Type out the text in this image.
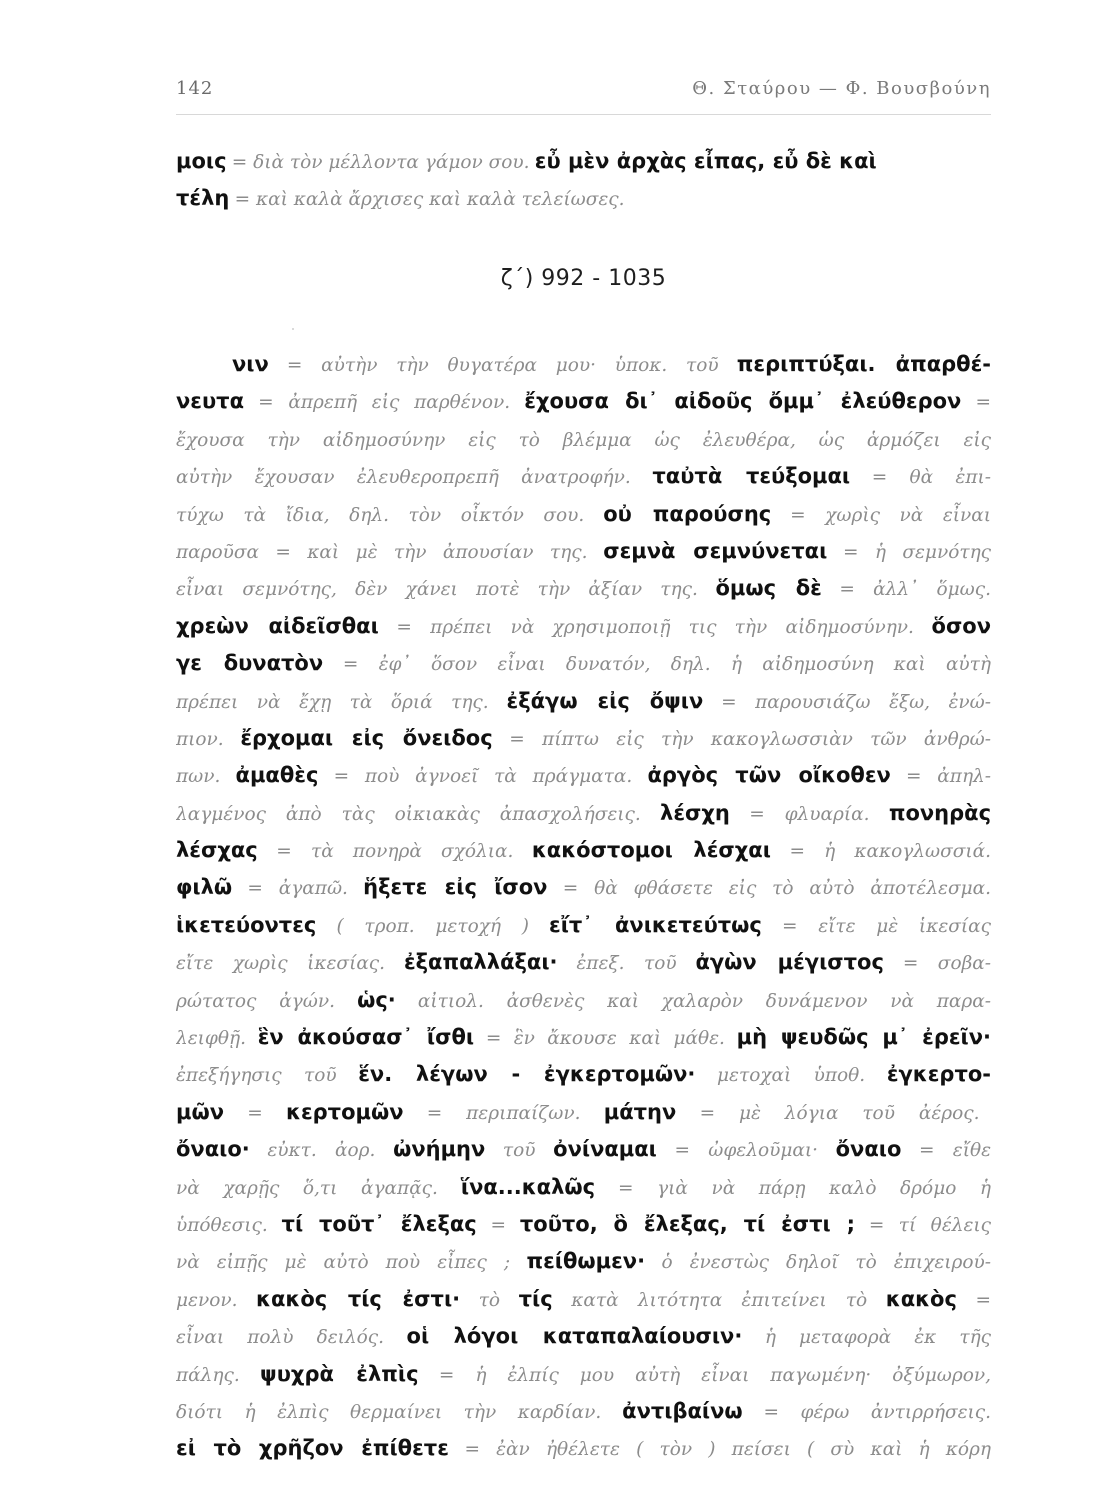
142	Θ. Σταύρου — Φ. Βουσβούνη
μοις = διὰ τὸν μέλλοντα γάμον σου. εὖ μὲν ἀρχὰς εἶπας, εὖ δὲ καὶ
τέλη = καὶ καλὰ ἄρχισες καὶ καλὰ τελείωσες.
ζ΄) 992 - 1035
νιν = αὐτὴν τὴν θυγατέρα μου· ὑποκ. τοῦ περιπτύξαι. ἀπαρθέ-
νευτα = ἀπρεπῆ εἰς παρθένον. ἔχουσα δι᾿ αἰδοῦς ὄμμ᾿ ἐλεύθερον =
ἔχουσα τὴν αἰδημοσύνην εἰς τὸ βλέμμα ὡς ἐλευθέρα, ὡς ἁρμόζει εἰς
αὐτὴν ἔχουσαν ἐλευθεροπρεπῆ ἀνατροφήν. ταὐτὰ τεύξομαι = θὰ ἐπι-
τύχω τὰ ἴδια, δηλ. τὸν οἶκτόν σου. οὐ παρούσης = χωρὶς νὰ εἶναι
παροῦσα = καὶ μὲ τὴν ἀπουσίαν της. σεμνὰ σεμνύνεται = ἡ σεμνότης
εἶναι σεμνότης, δὲν χάνει ποτὲ τὴν ἀξίαν της. ὅμως δὲ = ἀλλ᾿ ὅμως.
χρεὼν αἰδεῖσθαι = πρέπει νὰ χρησιμοποιῇ τις τὴν αἰδημοσύνην. ὅσον
γε δυνατὸν = ἐφ᾿ ὅσον εἶναι δυνατόν, δηλ. ἡ αἰδημοσύνη καὶ αὐτὴ
πρέπει νὰ ἔχῃ τὰ ὅριά της. ἐξάγω εἰς ὄψιν = παρουσιάζω ἔξω, ἐνώ-
πιον. ἔρχομαι εἰς ὄνειδος = πίπτω εἰς τὴν κακογλωσσιὰν τῶν ἀνθρώ-
πων. ἀμαθὲς = ποὺ ἀγνοεῖ τὰ πράγματα. ἀργὸς τῶν οἴκοθεν = ἀπηλ-
λαγμένος ἀπὸ τὰς οἰκιακὰς ἀπασχολήσεις. λέσχη = φλυαρία. πονηρὰς
λέσχας = τὰ πονηρὰ σχόλια. κακόστομοι λέσχαι = ἡ κακογλωσσιά.
φιλῶ = ἀγαπῶ. ἥξετε εἰς ἴσον = θὰ φθάσετε εἰς τὸ αὐτὸ ἀποτέλεσμα.
ἱκετεύοντες ( τροπ. μετοχή ) εἴτ᾿ ἀνικετεύτως = εἴτε μὲ ἱκεσίας
εἴτε χωρὶς ἱκεσίας. ἐξαπαλλάξαι· ἐπεξ. τοῦ ἀγὼν μέγιστος = σοβα-
ρώτατος ἀγών. ὡς· αἰτιολ. ἀσθενὲς καὶ χαλαρὸν δυνάμενον νὰ παρα-
λειφθῇ. ἓν ἀκούσασ᾿ ἴσθι = ἓν ἄκουσε καὶ μάθε. μὴ ψευδῶς μ᾿ ἐρεῖν·
ἐπεξήγησις τοῦ ἕν. λέγων - ἐγκερτομῶν· μετοχαὶ ὑποθ. ἐγκερτο-
μῶν = κερτομῶν = περιπαίζων. μάτην = μὲ λόγια τοῦ ἀέρος.
ὄναιο· εὐκτ. ἀορ. ὠνήμην τοῦ ὀνίναμαι = ὠφελοῦμαι· ὄναιο = εἴθε
νὰ χαρῇς ὅ,τι ἀγαπᾷς. ἵνα...καλῶς = γιὰ νὰ πάρῃ καλὸ δρόμο ἡ
ὑπόθεσις. τί τοῦτ᾿ ἔλεξας = τοῦτο, ὃ ἔλεξας, τί ἐστι ; = τί θέλεις
νὰ εἰπῇς μὲ αὐτὸ ποὺ εἶπες ; πείθωμεν· ὁ ἐνεστὼς δηλοῖ τὸ ἐπιχειρού-
μενον. κακὸς τίς ἐστι· τὸ τίς κατὰ λιτότητα ἐπιτείνει τὸ κακὸς =
εἶναι πολὺ δειλός. οἱ λόγοι καταπαλαίουσιν· ἡ μεταφορὰ ἐκ τῆς
πάλης. ψυχρὰ ἐλπὶς = ἡ ἐλπίς μου αὐτὴ εἶναι παγωμένη· ὀξύμωρον,
διότι ἡ ἐλπὶς θερμαίνει τὴν καρδίαν. ἀντιβαίνω = φέρω ἀντιρρήσεις.
εἰ τὸ χρῆζον ἐπίθετε = ἐὰν ἠθέλετε ( τὸν ) πείσει ( σὺ καὶ ἡ κόρη
